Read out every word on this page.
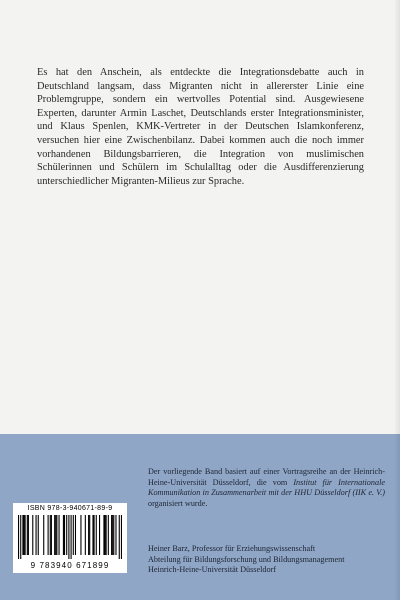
Es hat den Anschein, als entdeckte die Integrationsdebatte auch in Deutschland langsam, dass Migranten nicht in allererster Linie eine Problemgruppe, sondern ein wertvolles Potential sind. Ausgewiesene Experten, darunter Armin Laschet, Deutschlands erster Integrationsminister, und Klaus Spenlen, KMK-Vertreter in der Deutschen Islamkonferenz, versuchen hier eine Zwischenbilanz. Dabei kommen auch die noch immer vorhandenen Bildungsbarrieren, die Integration von muslimischen Schülerinnen und Schülern im Schulalltag oder die Ausdifferenzierung unterschiedlicher Migranten-Milieus zur Sprache.

Der vorliegende Band basiert auf einer Vortragsreihe an der Heinrich-Heine-Universität Düsseldorf, die vom Institut für Internationale Kommunikation in Zusammenarbeit mit der HHU Düsseldorf (IIK e. V.) organisiert wurde.

Heiner Barz, Professor für Erziehungswissenschaft
Abteilung für Bildungsforschung und Bildungsmanagement
Heinrich-Heine-Universität Düsseldorf

ISBN 978-3-940671-89-9
9 783940 671899
